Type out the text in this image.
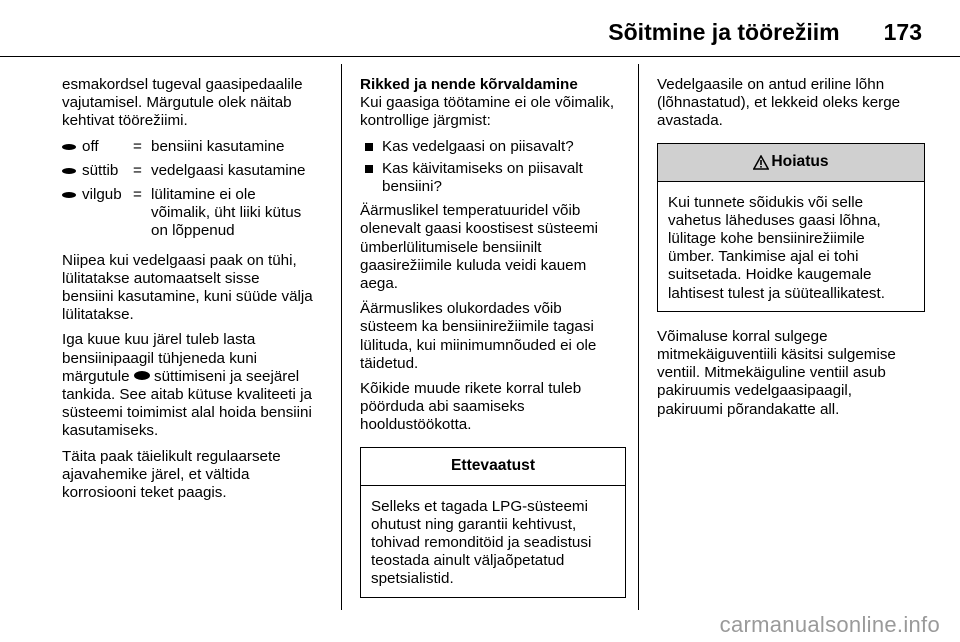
Sõitmine ja töörežiim 173

esmakordsel tugeval gaasipedaalile
vajutamisel. Märgutule olek näitab
kehtivat töörežiimi.

off	= bensiini kasutamine
süttib = vedelgaasi kasutamine
vilgub = lülitamine ei ole
võimalik, üht liiki kütus
on lõppenud

Niipea kui vedelgaasi paak on tühi,
lülitatakse automaatselt sisse
bensiini kasutamine, kuni süüde välja
lülitatakse.

Iga kuue kuu järel tuleb lasta
bensiinipaagil tühjeneda kuni
märgutule  süttimiseni ja seejärel
tankida. See aitab kütuse kvaliteeti ja
süsteemi toimimist alal hoida bensiini
kasutamiseks.

Täita paak täielikult regulaarsete
ajavahemike järel, et vältida
korrosiooni teket paagis.

Rikked ja nende kõrvaldamine

Kui gaasiga töötamine ei ole võimalik,
kontrollige järgmist:

Kas vedelgaasi on piisavalt?
Kas käivitamiseks on piisavalt
bensiini?

Äärmuslikel temperatuuridel võib
olenevalt gaasi koostisest süsteemi
ümberlülitumisele bensiinilt
gaasirežiimile kuluda veidi kauem
aega.

Äärmuslikes olukordades võib
süsteem ka bensiinirežiimile tagasi
lülituda, kui miinimumnõuded ei ole
täidetud.

Kõikide muude rikete korral tuleb
pöörduda abi saamiseks
hooldustöökotta.

Ettevaatust
Selleks et tagada LPG-süsteemi
ohutust ning garantii kehtivust,
tohivad remonditöid ja seadistusi
teostada ainult väljaõpetatud
spetsialistid.

Vedelgaasile on antud eriline lõhn
(lõhnastatud), et lekkeid oleks kerge
avastada.

Hoiatus
Kui tunnete sõidukis või selle
vahetus läheduses gaasi lõhna,
lülitage kohe bensiinirežiimile
ümber. Tankimise ajal ei tohi
suitsetada. Hoidke kaugemale
lahtisest tulest ja süüteallikatest.

Võimaluse korral sulgege
mitmekäiguventiili käsitsi sulgemise
ventiil. Mitmekäiguline ventiil asub
pakiruumis vedelgaasipaagil,
pakiruumi põrandakatte all.

carmanualsonline.info
